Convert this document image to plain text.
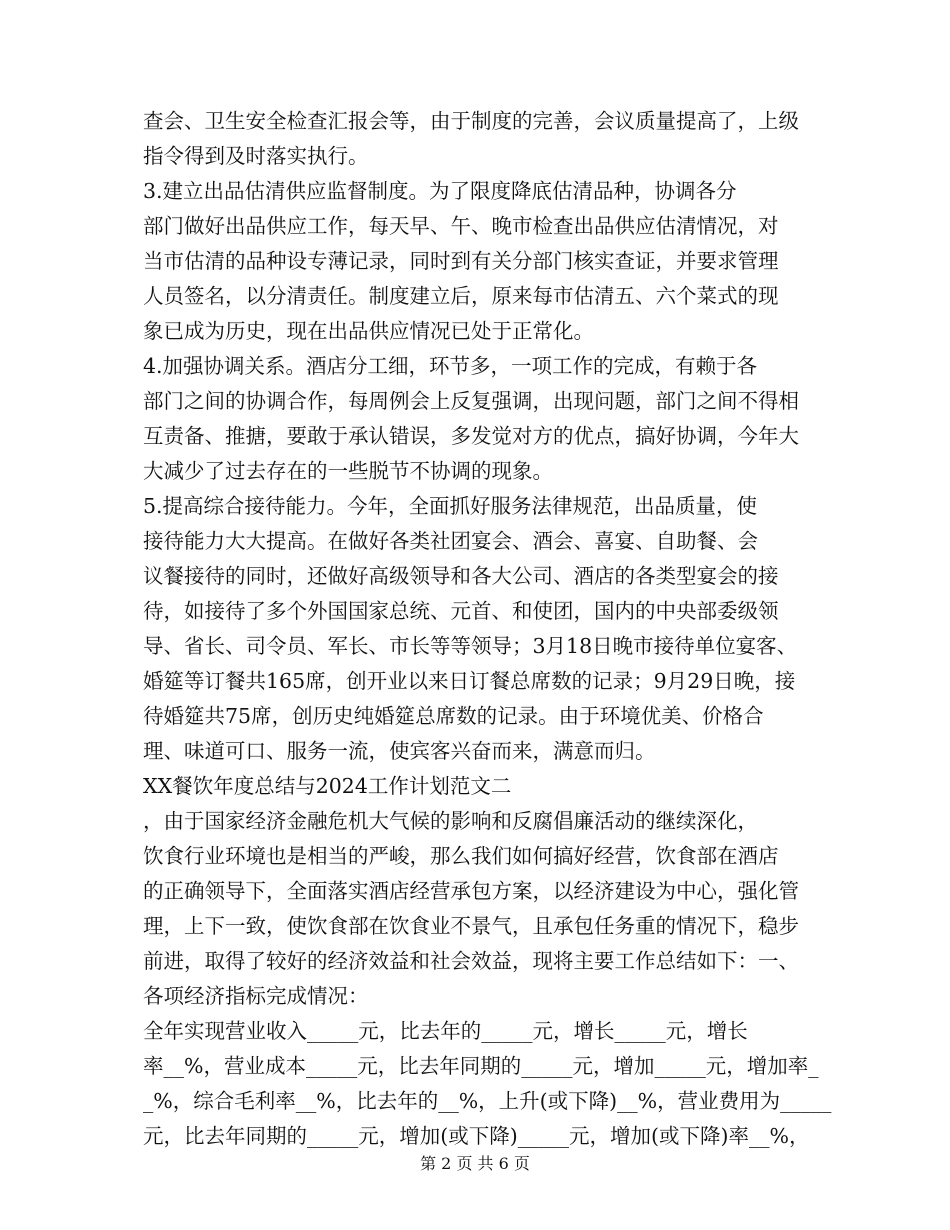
查会、卫生安全检查汇报会等，由于制度的完善，会议质量提高了，上级
指令得到及时落实执行。
3.建立出品估清供应监督制度。为了限度降底估清品种，协调各分
部门做好出品供应工作，每天早、午、晚市检查出品供应估清情况，对
当市估清的品种设专薄记录，同时到有关分部门核实查证，并要求管理
人员签名，以分清责任。制度建立后，原来每市估清五、六个菜式的现
象已成为历史，现在出品供应情况已处于正常化。
4.加强协调关系。酒店分工细，环节多，一项工作的完成，有赖于各
部门之间的协调合作，每周例会上反复强调，出现问题，部门之间不得相
互责备、推搪，要敢于承认错误，多发觉对方的优点，搞好协调，今年大
大减少了过去存在的一些脱节不协调的现象。
5.提高综合接待能力。今年，全面抓好服务法律规范，出品质量，使
接待能力大大提高。在做好各类社团宴会、酒会、喜宴、自助餐、会
议餐接待的同时，还做好高级领导和各大公司、酒店的各类型宴会的接
待，如接待了多个外国国家总统、元首、和使团，国内的中央部委级领
导、省长、司令员、军长、市长等等领导；3月18日晚市接待单位宴客、
婚筵等订餐共165席，创开业以来日订餐总席数的记录；9月29日晚，接
待婚筵共75席，创历史纯婚筵总席数的记录。由于环境优美、价格合
理、味道可口、服务一流，使宾客兴奋而来，满意而归。
XX餐饮年度总结与2024工作计划范文二
，由于国家经济金融危机大气候的影响和反腐倡廉活动的继续深化，
饮食行业环境也是相当的严峻，那么我们如何搞好经营，饮食部在酒店
的正确领导下，全面落实酒店经营承包方案，以经济建设为中心，强化管
理，上下一致，使饮食部在饮食业不景气，且承包任务重的情况下，稳步
前进，取得了较好的经济效益和社会效益，现将主要工作总结如下：一、
各项经济指标完成情况：
全年实现营业收入_____元，比去年的_____元，增长_____元，增长
率__%，营业成本_____元，比去年同期的_____元，增加_____元，增加率_
_%，综合毛利率__%，比去年的__%，上升(或下降)__%，营业费用为_____
元，比去年同期的_____元，增加(或下降)_____元，增加(或下降)率__%，
第 2 页 共 6 页
